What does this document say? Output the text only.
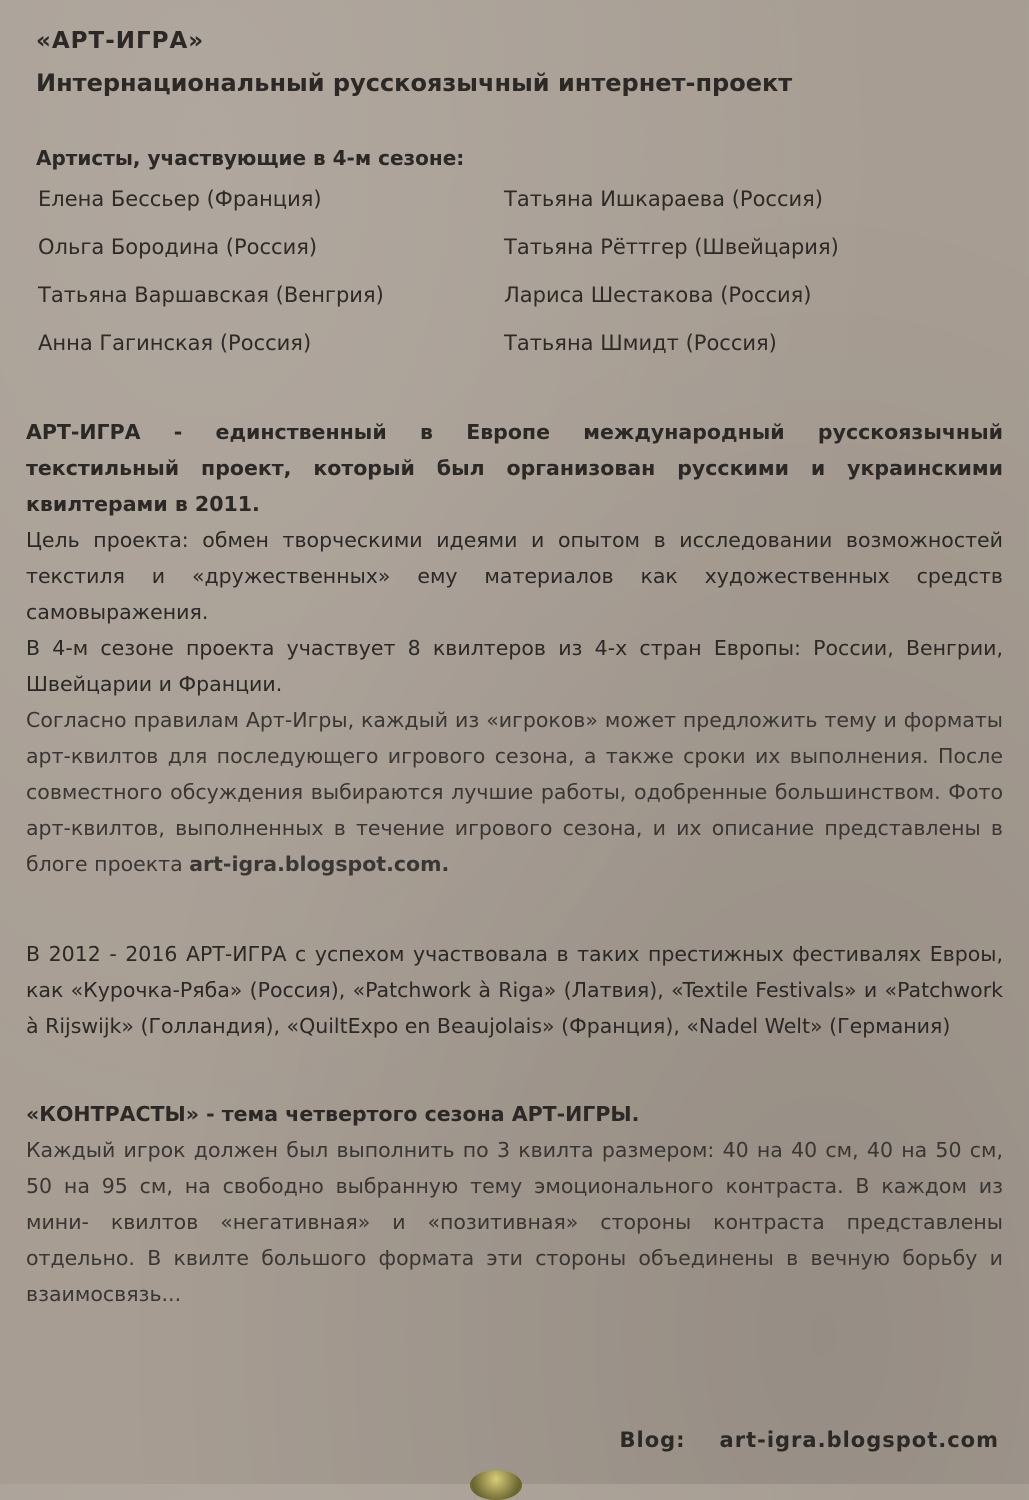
«АРТ-ИГРА»
Интернациональный русскоязычный интернет-проект
Артисты, участвующие в 4-м сезоне:
Елена Бессьер (Франция)	Татьяна Ишкараева (Россия)
Ольга Бородина (Россия)	Татьяна Рёттгер (Швейцария)
Татьяна Варшавская (Венгрия)	Лариса Шестакова (Россия)
Анна Гагинская (Россия)	Татьяна Шмидт (Россия)

АРТ-ИГРА - единственный в Европе международный русскоязычный текстильный проект, который был организован русскими и украинскими квилтерами в 2011.

Цель проекта: обмен творческими идеями и опытом в исследовании возможностей текстиля и «дружественных» ему материалов как художественных средств самовыражения.

В 4-м сезоне проекта участвует 8 квилтеров из 4-х стран Европы: России, Венгрии, Швейцарии и Франции.

Согласно правилам Арт-Игры, каждый из «игроков» может предложить тему и форматы арт-квилтов для последующего игрового сезона, а также сроки их выполнения. После совместного обсуждения выбираются лучшие работы, одобренные большинством. Фото арт-квилтов, выполненных в течение игрового сезона, и их описание представлены в блоге проекта art-igra.blogspot.com.

В 2012 - 2016 АРТ-ИГРА с успехом участвовала в таких престижных фестивалях Евроы, как «Курочка-Ряба» (Россия), «Patchwork à Riga» (Латвия), «Textile Festivals» и «Patchwork à Rijswijk» (Голландия), «QuiltExpo en Beaujolais» (Франция), «Nadel Welt» (Германия)

«КОНТРАСТЫ» - тема четвертого сезона АРТ-ИГРЫ.

Каждый игрок должен был выполнить по 3 квилта размером: 40 на 40 см, 40 на 50 см, 50 на 95 см, на свободно выбранную тему эмоционального контраста. В каждом из мини- квилтов «негативная» и «позитивная» стороны контраста представлены отдельно. В квилте большого формата эти стороны объединены в вечную борьбу и взаимосвязь...

Blog: art-igra.blogspot.com
